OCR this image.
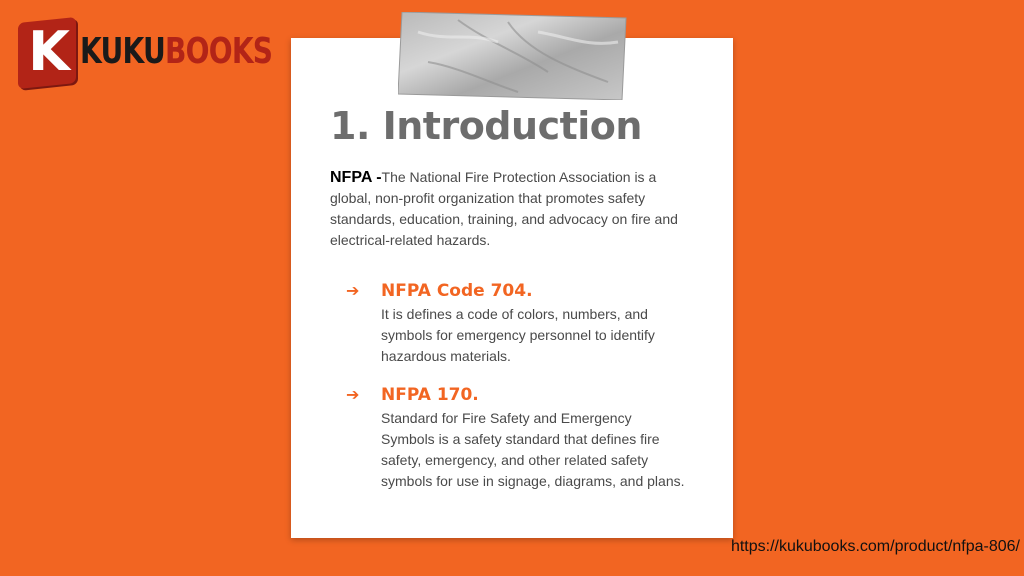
K KUKUBOOKS
1. Introduction

NFPA -The National Fire Protection Association is a global, non-profit organization that promotes safety standards, education, training, and advocacy on fire and electrical-related hazards.

➔ NFPA Code 704.

It is defines a code of colors, numbers, and symbols for emergency personnel to identify hazardous materials.

➔ NFPA 170.

Standard for Fire Safety and Emergency Symbols is a safety standard that defines fire safety, emergency, and other related safety symbols for use in signage, diagrams, and plans.

https://kukubooks.com/product/nfpa-806/
